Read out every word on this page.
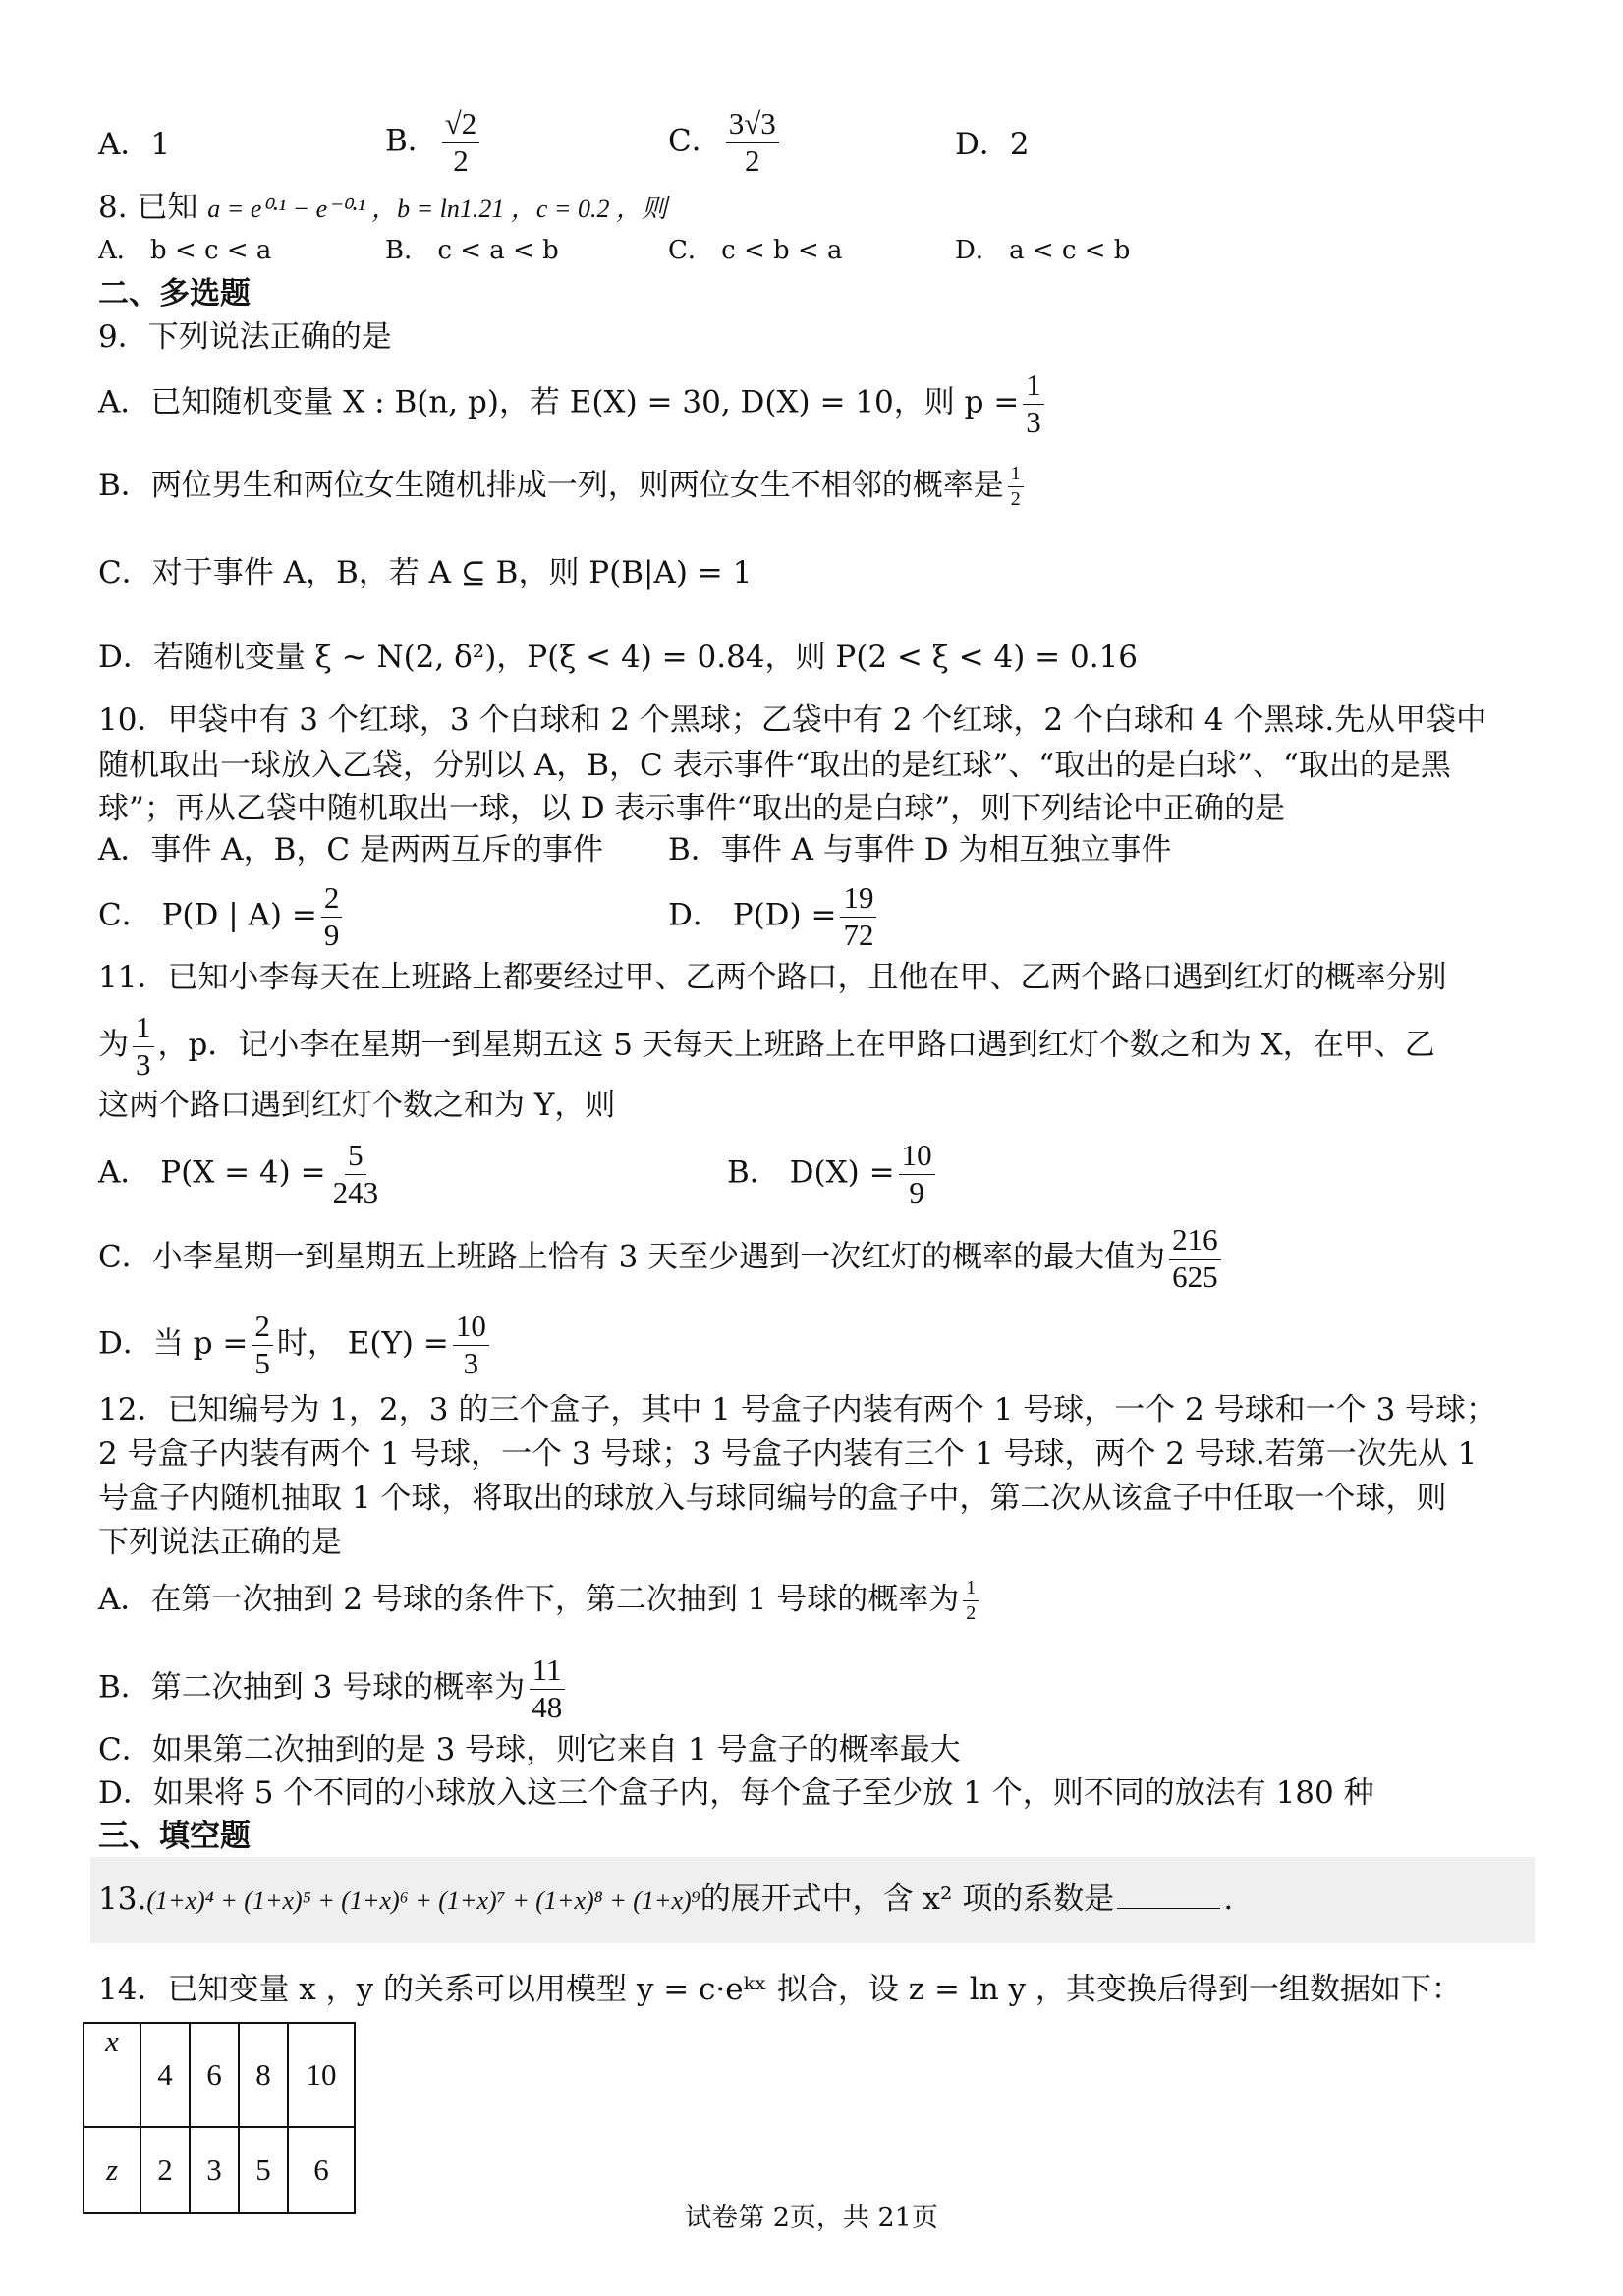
A．1	B． $\frac{√2}{2}$	C． $\frac{3√3}{2}$	D．2
8. 已知 a = e⁰·¹ − e⁻⁰·¹ ，b = ln1.21 ，c = 0.2 ，则
A． b < c < a	B． c < a < b	C． c < b < a	D． a < c < b
二、多选题
9．下列说法正确的是
A．已知随机变量 X : B(n, p)，若 E(X) = 30, D(X) = 10，则 $p = \frac{1}{3}$
B．两位男生和两位女生随机排成一列，则两位女生不相邻的概率是 $\frac{1}{2}$
C．对于事件 A，B，若 A ⊆ B，则 P(B|A) = 1
D．若随机变量 ξ ~ N(2, δ²)，P(ξ < 4) = 0.84，则 P(2 < ξ < 4) = 0.16
10．甲袋中有 3 个红球，3 个白球和 2 个黑球；乙袋中有 2 个红球，2 个白球和 4 个黑球.先从甲袋中
随机取出一球放入乙袋，分别以 A，B，C 表示事件“取出的是红球”、“取出的是白球”、“取出的是黑
球”；再从乙袋中随机取出一球，以 D 表示事件“取出的是白球”，则下列结论中正确的是
A．事件 A，B，C 是两两互斥的事件 B．事件 A 与事件 D 为相互独立事件
C． P(D | $A) = \frac{2}{9}$	D． $P(D) = \frac{19}{72}$
11．已知小李每天在上班路上都要经过甲、乙两个路口，且他在甲、乙两个路口遇到红灯的概率分别
为 $\frac{1}{3}$ ，p．记小李在星期一到星期五这 5 天每天上班路上在甲路口遇到红灯个数之和为 X，在甲、乙
这两个路口遇到红灯个数之和为 Y，则
A． $P(X = 4) = \frac{5}{243}$	B． $D(X) = \frac{10}{9}$
C．小李星期一到星期五上班路上恰有 3 天至少遇到一次红灯的概率的最大值为 $\frac{216}{625}$
D．当 $p = \frac{2}{5}$ 时， $E(Y) = \frac{10}{3}$
12．已知编号为 1，2，3 的三个盒子，其中 1 号盒子内装有两个 1 号球，一个 2 号球和一个 3 号球；
2 号盒子内装有两个 1 号球，一个 3 号球；3 号盒子内装有三个 1 号球，两个 2 号球.若第一次先从 1
号盒子内随机抽取 1 个球，将取出的球放入与球同编号的盒子中，第二次从该盒子中任取一个球，则
下列说法正确的是
A．在第一次抽到 2 号球的条件下，第二次抽到 1 号球的概率为 $\frac{1}{2}$
B．第二次抽到 3 号球的概率为 $\frac{11}{48}$
C．如果第二次抽到的是 3 号球，则它来自 1 号盒子的概率最大
D．如果将 5 个不同的小球放入这三个盒子内，每个盒子至少放 1 个，则不同的放法有 180 种
三、填空题
13.(1+x)⁴ + (1+x)⁵ + (1+x)⁶ + (1+x)⁷ + (1+x)⁸ + (1+x)⁹的展开式中，含 x² 项的系数是	.
14．已知变量 x ，y 的关系可以用模型 y = c·eᵏˣ 拟合，设 z = ln y ，其变换后得到一组数据如下：
x	4	6	8	10
z	2	3	5	6
试卷第 2页，共 21页
